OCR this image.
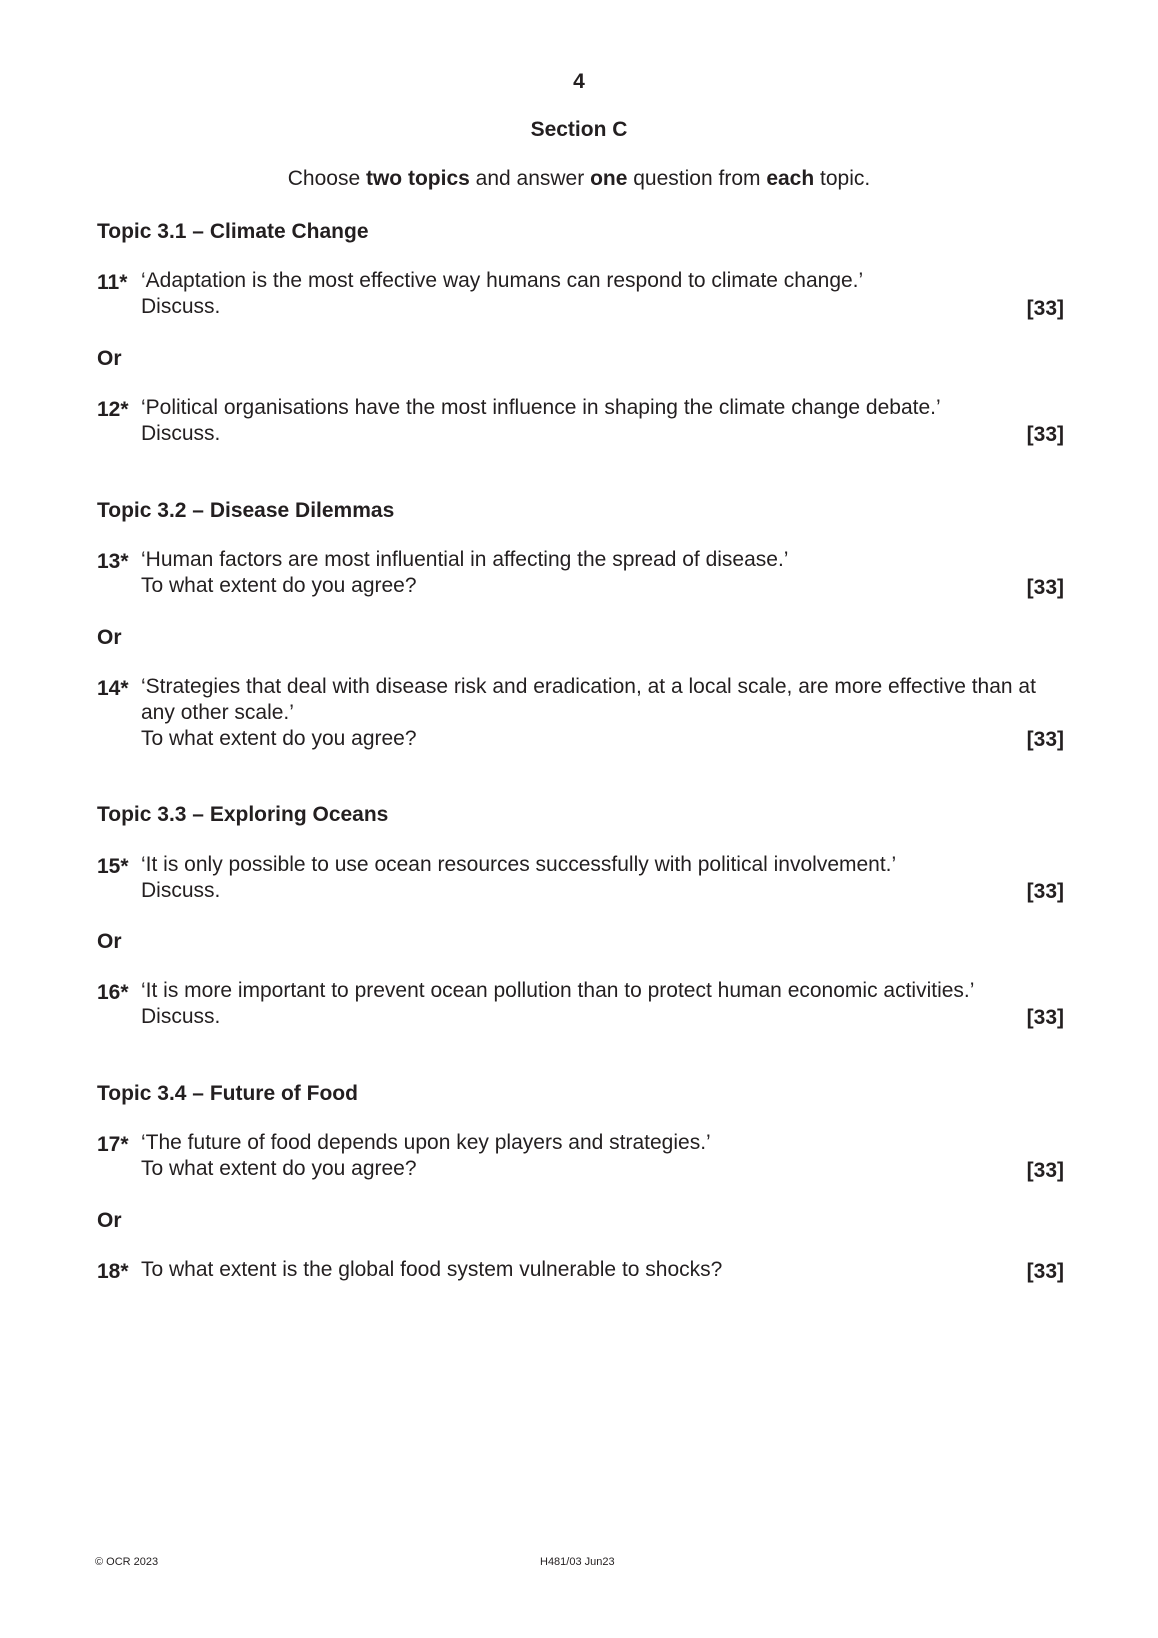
4
Section C
Choose two topics and answer one question from each topic.
Topic 3.1 – Climate Change
11* ‘Adaptation is the most effective way humans can respond to climate change.’
Discuss.	[33]
Or
12* ‘Political organisations have the most influence in shaping the climate change debate.’
Discuss.	[33]
Topic 3.2 – Disease Dilemmas
13* ‘Human factors are most influential in affecting the spread of disease.’
To what extent do you agree?	[33]
Or
14* ‘Strategies that deal with disease risk and eradication, at a local scale, are more effective than at
any other scale.’
To what extent do you agree?	[33]
Topic 3.3 – Exploring Oceans
15* ‘It is only possible to use ocean resources successfully with political involvement.’
Discuss.	[33]
Or
16* ‘It is more important to prevent ocean pollution than to protect human economic activities.’
Discuss.	[33]
Topic 3.4 – Future of Food
17* ‘The future of food depends upon key players and strategies.’
To what extent do you agree?	[33]
Or
18* To what extent is the global food system vulnerable to shocks?	[33]
© OCR 2023	H481/03 Jun23
